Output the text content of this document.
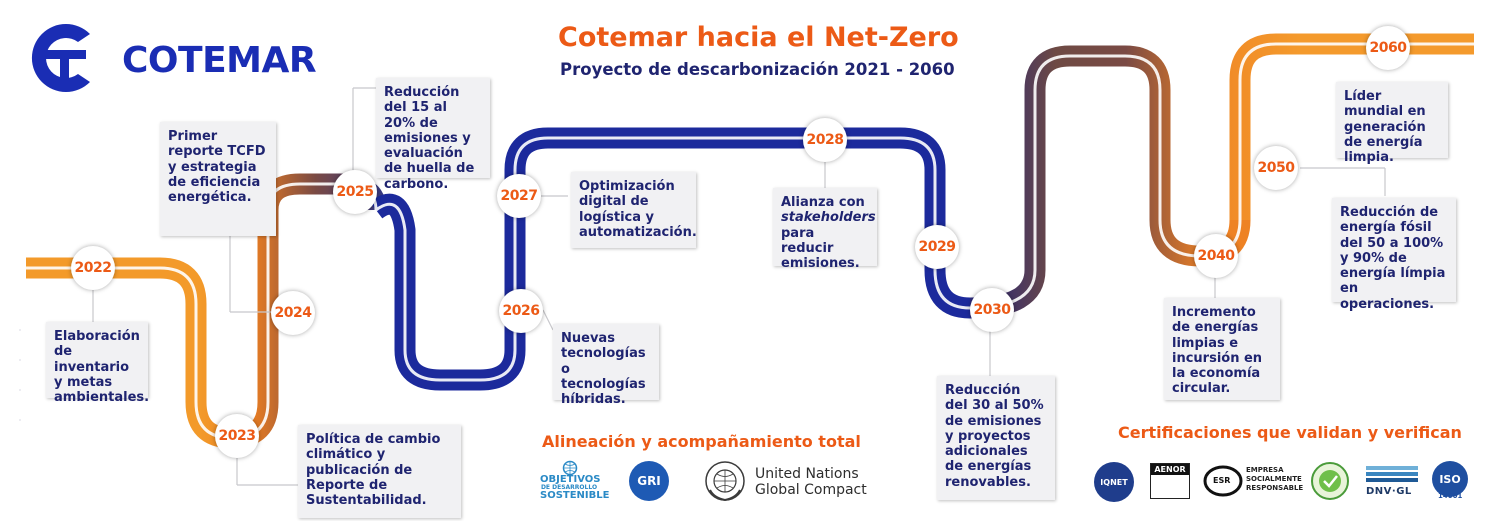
COTEMAR
Cotemar hacia el Net-Zero
Proyecto de descarbonización 2021 - 2060
2022
2023
2024
2025
2026
2027
2028
2029
2030
2040
2050
2060
Elaboración de inventario y metas ambientales.
Política de cambio climático y publicación de Reporte de Sustentabilidad.
Primer reporte TCFD y estrategia de eficiencia energética.
Reducción del 15 al 20% de emisiones y evaluación de huella de carbono.
Nuevas tecnologías o tecnologías híbridas.
Optimización digital de logística y automatización.
Alianza con
stakeholders
para reducir emisiones.
Reducción del 30 al 50% de emisiones y proyectos adicionales de energías renovables.
Incremento de energías limpias e incursión en la economía circular.
Reducción de energía fósil del 50 a 100% y 90% de energía límpia en operaciones.
Líder mundial en generación de energía limpia.
Alineación y acompañamiento total
OBJETIVOS
DE DESARROLLO
SOSTENIBLE
GRI	United Nations
Global Compact
Certificaciones que validan y verifican
IQNET
AENOR
ESR
EMPRESA
SOCIALMENTE
RESPONSABLE	DNV·GL
ISO
14001
